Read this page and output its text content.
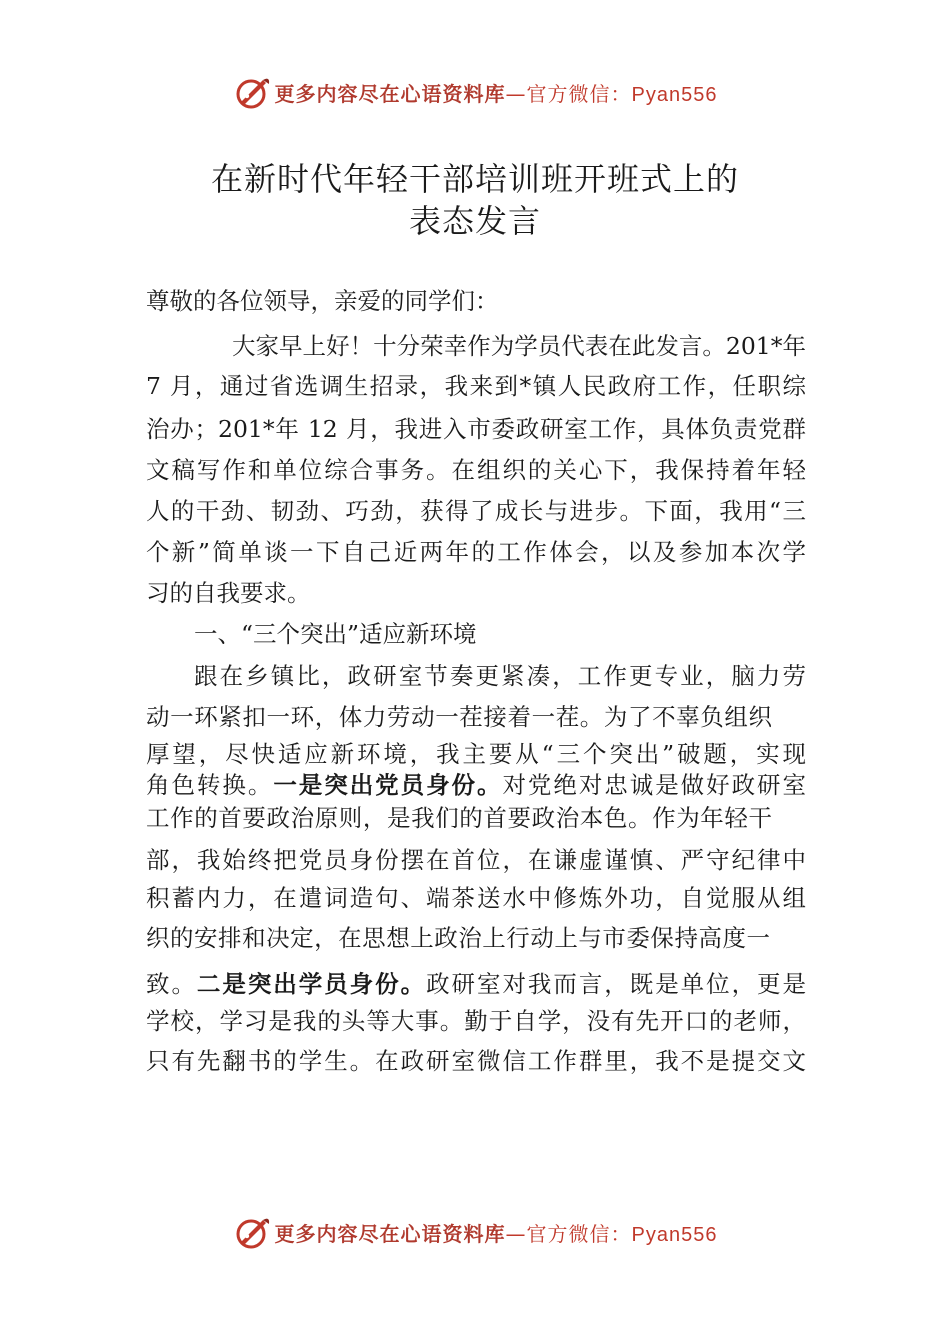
更多内容尽在心语资料库—官方微信：Pyan556
在新时代年轻干部培训班开班式上的
表态发言
尊敬的各位领导，亲爱的同学们：
大家早上好！十分荣幸作为学员代表在此发言。201*年
7 月，通过省选调生招录，我来到*镇人民政府工作，任职综
治办；201*年 12 月，我进入市委政研室工作，具体负责党群
文稿写作和单位综合事务。在组织的关心下，我保持着年轻
人的干劲、韧劲、巧劲，获得了成长与进步。下面，我用“三
个新”简单谈一下自己近两年的工作体会，以及参加本次学
习的自我要求。
一、“三个突出”适应新环境
跟在乡镇比，政研室节奏更紧凑，工作更专业，脑力劳
动一环紧扣一环，体力劳动一茬接着一茬。为了不辜负组织
厚望，尽快适应新环境，我主要从“三个突出”破题，实现
角色转换。一是突出党员身份。对党绝对忠诚是做好政研室
工作的首要政治原则，是我们的首要政治本色。作为年轻干
部，我始终把党员身份摆在首位，在谦虚谨慎、严守纪律中
积蓄内力，在遣词造句、端茶送水中修炼外功，自觉服从组
织的安排和决定，在思想上政治上行动上与市委保持高度一
致。二是突出学员身份。政研室对我而言，既是单位，更是
学校，学习是我的头等大事。勤于自学，没有先开口的老师，
只有先翻书的学生。在政研室微信工作群里，我不是提交文
更多内容尽在心语资料库—官方微信：Pyan556
